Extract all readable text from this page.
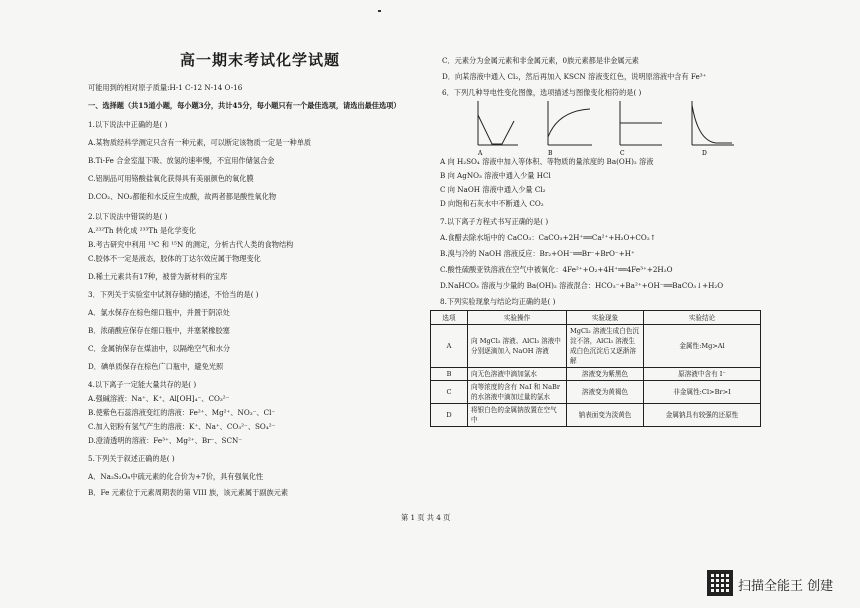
高一期末考试化学试题
可能用到的相对原子质量:H-1 C-12 N-14 O-16
一、选择题（共15道小题，每小题3分，共计45分，每小题只有一个最佳选项，请选出最佳选项）
1.以下说法中正确的是( )
A.某物质经科学测定只含有一种元素，可以断定该物质一定是一种单质
B.Ti-Fe 合金室温下吸、放氢的速率慢，不宜用作储氢合金
C.铝制品可用铬酸盐氧化获得具有美丽颜色的氧化膜
D.CO₂、NO₂都能和水反应生成酸，故两者都是酸性氧化物
2.以下说法中错误的是( )
A.²³²Th 转化成 ²³³Th 是化学变化
B.考古研究中利用 ¹³C 和 ¹⁵N 的测定，分析古代人类的食物结构
C.胶体不一定是液态，胶体的丁达尔效应属于物理变化
D.稀土元素共有17种，被誉为新材料的宝库
3．下列关于实验室中试剂存储的描述，不恰当的是( )
A．氯水保存在棕色细口瓶中，并置于阴凉处
B．浓硝酸应保存在细口瓶中，并塞紧橡胶塞
C．金属钠保存在煤油中，以隔绝空气和水分
D．碘单质保存在棕色广口瓶中，避免光照
4.以下离子一定能大量共存的是( )
A.强碱溶液：Na⁺、K⁺、Al[OH]₄⁻、CO₃²⁻
B.使紫色石蕊溶液变红的溶液：Fe²⁺、Mg²⁺、NO₃⁻、Cl⁻
C.加入铝粉有氢气产生的溶液：K⁺、Na⁺、CO₃²⁻、SO₄²⁻
D.澄清透明的溶液：Fe³⁺、Mg²⁺、Br⁻、SCN⁻
5.下列关于叙述正确的是( )
A．Na₂S₂O₈中硫元素的化合价为+7价，具有强氧化性
B．Fe 元素位于元素周期表的第 VIII 族，该元素属于副族元素
C．元素分为金属元素和非金属元素，0族元素都是非金属元素
D．向某溶液中通入 Cl₂，然后再加入 KSCN 溶液变红色，说明原溶液中含有 Fe³⁺
6．下列几种导电性变化图像，选项描述与图像变化相符的是( )
A 向 H₂SO₄ 溶液中加入等体积、等物质的量浓度的 Ba(OH)₂ 溶液
B 向 AgNO₃ 溶液中通入少量 HCl
C 向 NaOH 溶液中通入少量 Cl₂
D 向饱和石灰水中不断通入 CO₂
7.以下离子方程式书写正确的是( )
A.食醋去除水垢中的 CaCO₃：CaCO₃+2H⁺══Ca²⁺+H₂O+CO₂↑
B.溴与冷的 NaOH 溶液反应：Br₂+OH⁻══Br⁻+BrO⁻+H⁺
C.酸性硫酸亚铁溶液在空气中被氧化：4Fe²⁺+O₂+4H⁺══4Fe³⁺+2H₂O
D.NaHCO₃ 溶液与少量的 Ba(OH)₂ 溶液混合：HCO₃⁻+Ba²⁺+OH⁻══BaCO₃↓+H₂O
8.下列实验现象与结论均正确的是( )
A	B	C	D
选项	实验操作	实验现象	实验结论
A	向 MgCl₂ 溶液、AlCl₃ 溶液中分别逐滴加入 NaOH 溶液	MgCl₂ 溶液生成白色沉淀不溶，AlCl₃ 溶液生成白色沉淀后又逐渐溶解	金属性:Mg>Al
B	向无色溶液中滴加氯水	溶液变为紫黑色	原溶液中含有 I⁻
C	向等浓度的含有 NaI 和 NaBr 的水溶液中滴加过量的氯水	溶液变为黄褐色	非金属性:Cl>Br>I
D	将银白色的金属钠放置在空气中	钠表面变为淡黄色	金属钠具有较强的还原性
第 1 页 共 4 页
扫描全能王 创建
